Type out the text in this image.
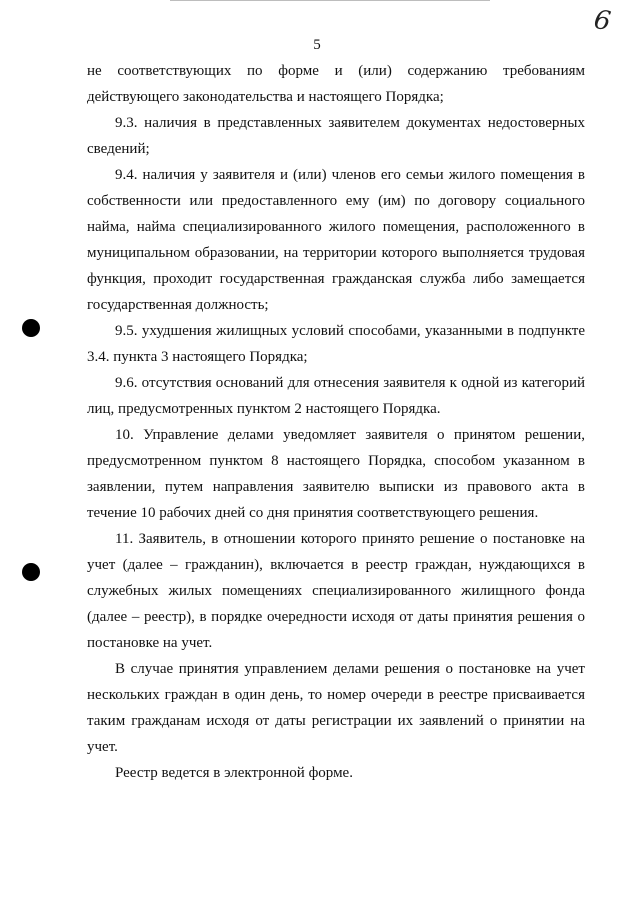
5
6
не соответствующих по форме и (или) содержанию требованиям
действующего законодательства и настоящего Порядка;
9.3. наличия в представленных заявителем документах недостоверных
сведений;
9.4. наличия у заявителя и (или) членов его семьи жилого помещения в
собственности или предоставленного ему (им) по договору социального
найма, найма специализированного жилого помещения, расположенного в
муниципальном образовании, на территории которого выполняется трудовая
функция, проходит государственная гражданская служба либо замещается
государственная должность;
9.5. ухудшения жилищных условий способами, указанными в подпункте
3.4. пункта 3 настоящего Порядка;
9.6. отсутствия оснований для отнесения заявителя к одной из категорий
лиц, предусмотренных пунктом 2 настоящего Порядка.
10. Управление делами уведомляет заявителя о принятом решении,
предусмотренном пунктом 8 настоящего Порядка, способом указанном в
заявлении, путем направления заявителю выписки из правового акта в
течение 10 рабочих дней со дня принятия соответствующего решения.
11. Заявитель, в отношении которого принято решение о постановке на
учет (далее – гражданин), включается в реестр граждан, нуждающихся в
служебных жилых помещениях специализированного жилищного фонда
(далее – реестр), в порядке очередности исходя от даты принятия решения о
постановке на учет.
В случае принятия управлением делами решения о постановке на учет
нескольких граждан в один день, то номер очереди в реестре присваивается
таким гражданам исходя от даты регистрации их заявлений о принятии на
учет.
Реестр ведется в электронной форме.
